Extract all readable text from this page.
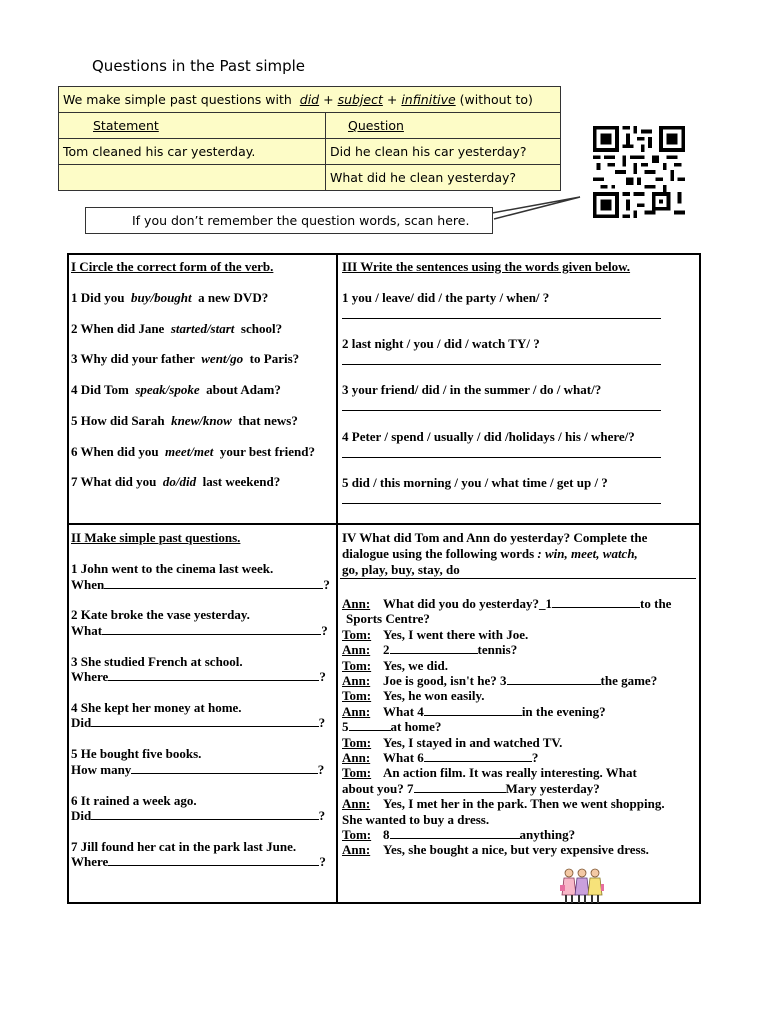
Questions in the Past simple
We make simple past questions with did + subject + infinitive (without to)	
Statement	Question
Tom cleaned his car yesterday.	Did he clean his car yesterday?
	What did he clean yesterday?
If you don’t remember the question words, scan here.
I Circle the correct form of the verb.
1 Did you buy/bought a new DVD?
2 When did Jane started/start school?
3 Why did your father went/go to Paris?
4 Did Tom speak/spoke about Adam?
5 How did Sarah knew/know that news?
6 When did you meet/met your best friend?
7 What did you do/did last weekend?
II Make simple past questions.
1 John went to the cinema last week.
When	?
2 Kate broke the vase yesterday.
What	?
3 She studied French at school.
Where	?
4 She kept her money at home.
Did	?
5 He bought five books.
How many	?
6 It rained a week ago.
Did	?
7 Jill found her cat in the park last June.
Where	?
III Write the sentences using the words given below.
1 you / leave/ did / the party / when/ ?
2 last night / you / did / watch TY/ ?
3 your friend/ did / in the summer / do / what/?
4 Peter / spend / usually / did /holidays / his / where/?
5 did / this morning / you / what time / get up / ?
IV What did Tom and Ann do yesterday? Complete the
dialogue using the following words : win, meet, watch,
go, play, buy, stay, do
Ann: What did you do yesterday?_1	to the
Sports Centre?
Tom: Yes, I went there with Joe.
Ann: 2	tennis?
Tom: Yes, we did.
Ann: Joe is good, isn't he? 3	the game?
Tom: Yes, he won easily.
Ann: What 4	in the evening?
5	at home?
Tom: Yes, I stayed in and watched TV.
Ann: What 6	?
Tom: An action film. It was really interesting. What
about you? 7	Mary yesterday?
Ann: Yes, I met her in the park. Then we went shopping.
She wanted to buy a dress.
Tom: 8	anything?
Ann: Yes, she bought a nice, but very expensive dress.
